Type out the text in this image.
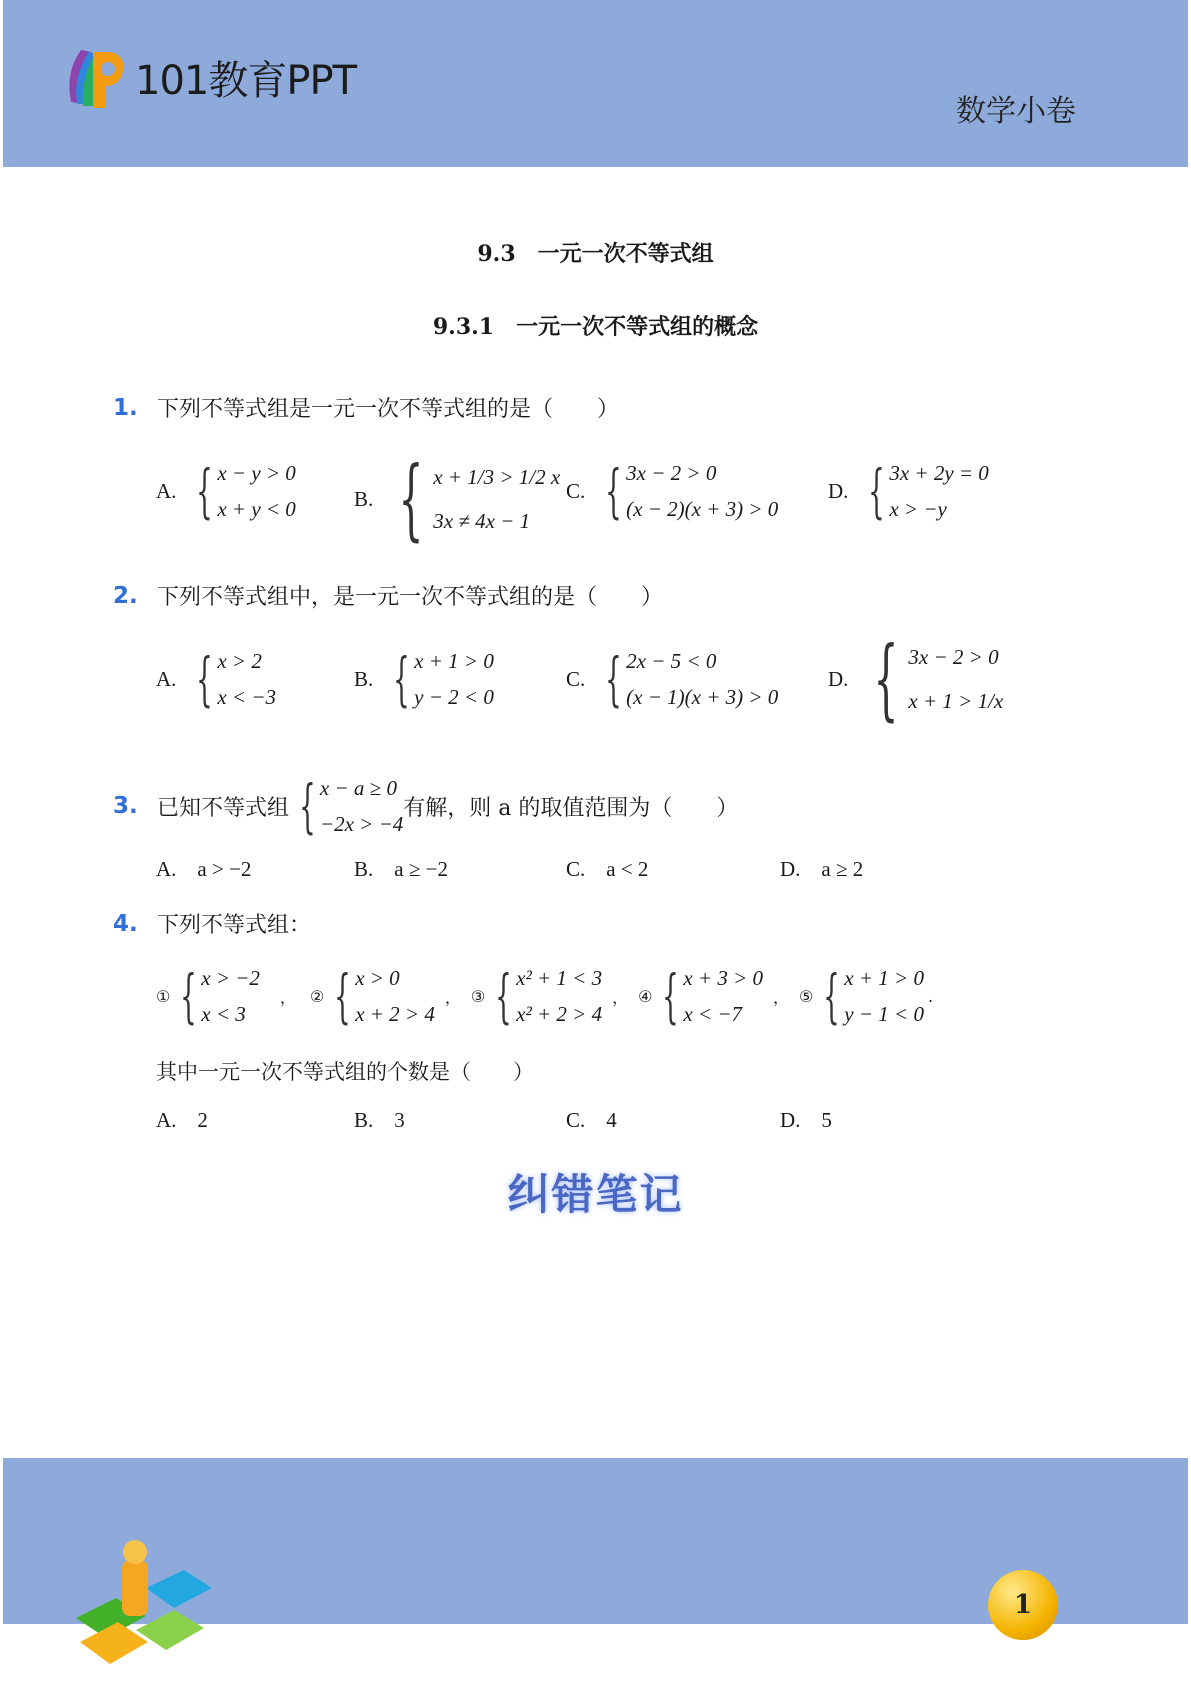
101教育PPT
数学小卷
9.3　一元一次不等式组
9.3.1　一元一次不等式组的概念
1. 下列不等式组是一元一次不等式组的是（　　）
A. { x − y > 0
x + y < 0	B. { x + 1/3 > 1/2 x
3x ≠ 4x − 1
C. { 3x − 2 > 0
(x − 2)(x + 3) > 0
D. { 3x + 2y = 0
x > −y
2. 下列不等式组中，是一元一次不等式组的是（　　）
A. { x > 2
x < −3
B. { x + 1 > 0
y − 2 < 0
C. { 2x − 5 < 0
(x − 1)(x + 3) > 0
D. { 3x − 2 > 0
x + 1 > 1/x
3. 已知不等式组 { x − a ≥ 0
−2x > −4
有解，则 a 的取值范围为（　　）
A.　a > −2	B.　a ≥ −2	C.　a < 2	D.　a ≥ 2
4. 下列不等式组：
① { x > −2
x < 3
， ② { x > 0
x + 2 > 4
， ③ { x² + 1 < 3
x² + 2 > 4
， ④ { x + 3 > 0
x < −7
， ⑤ { x + 1 > 0
y − 1 < 0
.
其中一元一次不等式组的个数是（　　）
A.　2	B.　3	C.　4	D.　5
纠错笔记
1
